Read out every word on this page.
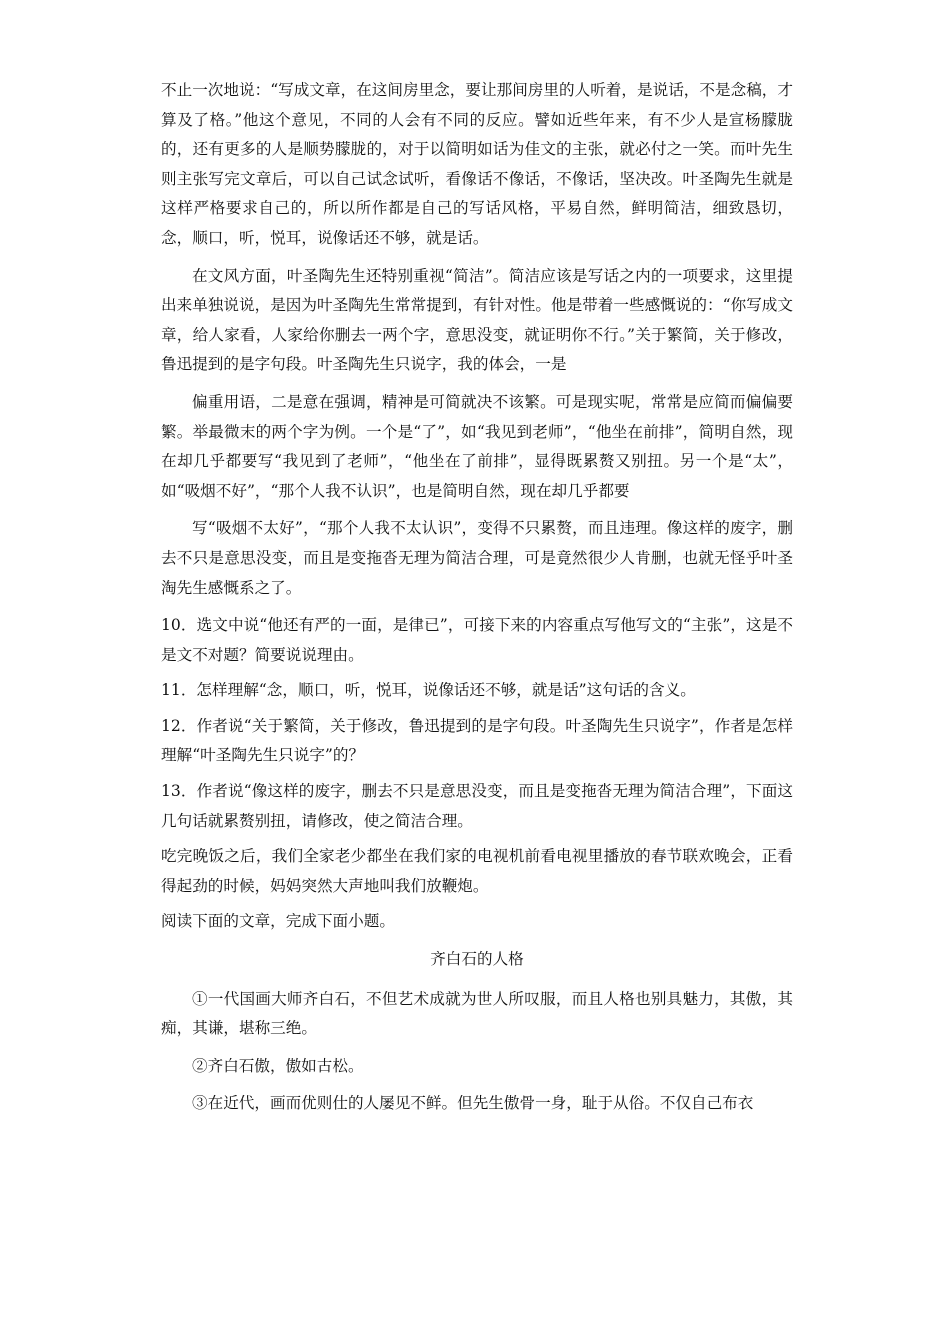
不止一次地说：“写成文章，在这间房里念，要让那间房里的人听着，是说话，不是念稿，才算及了格。”他这个意见，不同的人会有不同的反应。譬如近些年来，有不少人是宣杨朦胧的，还有更多的人是顺势朦胧的，对于以简明如话为佳文的主张，就必付之一笑。而叶先生则主张写完文章后，可以自己试念试听，看像话不像话，不像话，坚决改。叶圣陶先生就是这样严格要求自己的，所以所作都是自己的写话风格，平易自然，鲜明简洁，细致恳切，念，顺口，听，悦耳，说像话还不够，就是话。

在文风方面，叶圣陶先生还特别重视“简洁”。简洁应该是写话之内的一项要求，这里提出来单独说说，是因为叶圣陶先生常常提到，有针对性。他是带着一些感慨说的：“你写成文章，给人家看，人家给你删去一两个字，意思没变，就证明你不行。”关于繁简，关于修改，鲁迅提到的是字句段。叶圣陶先生只说字，我的体会，一是

偏重用语，二是意在强调，精神是可简就决不该繁。可是现实呢，常常是应简而偏偏要繁。举最微末的两个字为例。一个是“了”，如“我见到老师”，“他坐在前排”，简明自然，现在却几乎都要写“我见到了老师”，“他坐在了前排”，显得既累赘又别扭。另一个是“太”，如“吸烟不好”，“那个人我不认识”，也是简明自然，现在却几乎都要

写“吸烟不太好”，“那个人我不太认识”，变得不只累赘，而且违理。像这样的废字，删去不只是意思没变，而且是变拖沓无理为简洁合理，可是竟然很少人肯删，也就无怪乎叶圣淘先生感慨系之了。

10．选文中说“他还有严的一面，是律已”，可接下来的内容重点写他写文的“主张”，这是不是文不对题？简要说说理由。

11．怎样理解“念，顺口，听，悦耳，说像话还不够，就是话”这句话的含义。

12．作者说“关于繁简，关于修改，鲁迅提到的是字句段。叶圣陶先生只说字”，作者是怎样理解“叶圣陶先生只说字”的？

13．作者说“像这样的废字，删去不只是意思没变，而且是变拖沓无理为简洁合理”，下面这几句话就累赘别扭，请修改，使之简洁合理。

吃完晚饭之后，我们全家老少都坐在我们家的电视机前看电视里播放的春节联欢晚会，正看得起劲的时候，妈妈突然大声地叫我们放鞭炮。

阅读下面的文章，完成下面小题。

齐白石的人格

①一代国画大师齐白石，不但艺术成就为世人所叹服，而且人格也别具魅力，其傲，其痴，其谦，堪称三绝。

②齐白石傲，傲如古松。

③在近代，画而优则仕的人屡见不鲜。但先生傲骨一身，耻于从俗。不仅自己布衣
